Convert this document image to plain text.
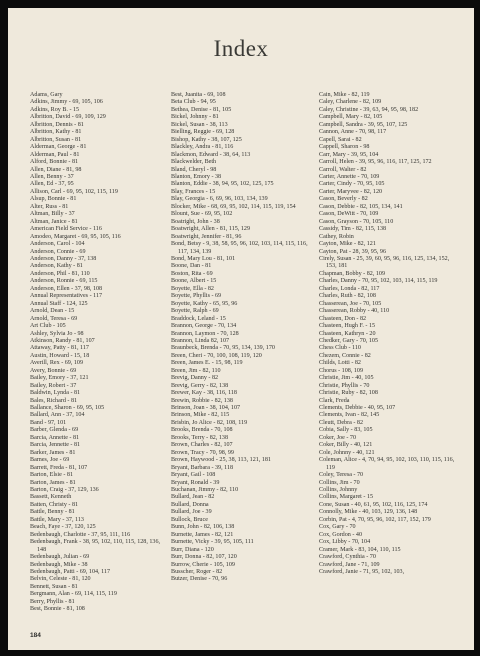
Index
Adams, Gary
Adkins, Jimmy - 69, 105, 106
Adkins, Roy B. - 15
Albritton, David - 69, 109, 129
Albritton, Dennis - 81
Albritton, Kathy - 81
Albritton, Susan - 81
Alderman, George - 81
Alderman, Paul - 81
Alford, Bonnie - 81
Allen, Diane - 81, 98
Allen, Benny - 37
Allen, Ed - 37, 95
Allison, Carl - 69, 95, 102, 115, 119
Alsup, Bonnie - 81
Alter, Russ - 81
Altman, Billy - 37
Altman, Janice - 81
American Field Service - 116
Amodeo, Margaret - 69, 95, 105, 116
Anderson, Carol - 104
Anderson, Connie - 69
Anderson, Danny - 37, 138
Anderson, Kathy - 81
Anderson, Phil - 81, 110
Anderson, Ronnie - 69, 115
Anderson, Ellen - 37, 98, 108
Annual Representatives - 117
Annual Staff - 124, 125
Arnold, Dean - 15
Arnold, Teresa - 69
Art Club - 105
Ashley, Sylvia Jo - 98
Atkinson, Randy - 81, 107
Attaway, Patty - 81, 117
Austin, Howard - 15, 18
Averill, Rex - 69, 109
Avery, Bonnie - 69
Bailey, Emory - 37, 121
Bailey, Robert - 37
Baldwin, Lynda - 81
Bales, Richard - 81
Ballance, Sharon - 69, 95, 105
Ballard, Ann - 37, 104
Band - 97, 101
Barber, Glenda - 69
Barcia, Annette - 81
Barcia, Jennette - 81
Barker, James - 81
Barnes, Joe - 69
Barrett, Freda - 81, 107
Barton, Elsie - 81
Barton, James - 81
Barton, Craig - 37, 129, 136
Bassett, Kenneth
Batten, Christy - 81
Battle, Benny - 81
Battle, Mary - 37, 113
Beach, Faye - 37, 120, 125
Bedenbaugh, Charlotte - 37, 95, 111, 116
Bedenbaugh, Frank - 38, 95, 102, 110, 115, 128, 136, 148
Bedenbaugh, Julian - 69
Bedenbaugh, Mike - 38
Bedenbaugh, Patti - 69, 104, 117
Belvin, Celeste - 81, 120
Bennett, Susan - 81
Bergmann, Alan - 69, 114, 115, 119
Berry, Phyllis - 81
Best, Bonnie - 81, 108
Best, Juanita - 69, 108
Beta Club - 94, 95
Bethea, Denise - 81, 105
Bickel, Johnny - 81
Bickel, Susan - 38, 113
Bielling, Reggie - 69, 128
Bishop, Kathy - 38, 107, 125
Blackley, Andra - 81, 116
Blackmon, Edward - 38, 64, 113
Blackwelder, Beth
Bland, Cheryl - 98
Blanton, Emory - 38
Blanton, Eddie - 38, 94, 95, 102, 125, 175
Blay, Frances - 15
Blay, Georgia - 6, 69, 96, 103, 134, 139
Blocker, Mike - 68, 69, 95, 102, 114, 115, 119, 154
Blount, Sue - 69, 95, 102
Boatright, John - 38
Boatwright, Allen - 81, 115, 129
Boatwright, Jennifer - 81, 96
Bond, Betsy - 9, 38, 58, 95, 96, 102, 103, 114, 115, 116, 117, 134, 139
Bond, Mary Lou - 81, 101
Boone, Dan - 81
Boston, Rita - 69
Boone, Albert - 15
Boyette, Ella - 82
Boyette, Phyllis - 69
Boyette, Kathy - 65, 95, 96
Boyette, Ralph - 69
Braddock, Leland - 15
Brannon, George - 70, 134
Brannon, Laymon - 70, 128
Brannon, Linda 82, 107
Braunbeck, Brenda - 70, 95, 134, 139, 170
Breen, Cheri - 70, 100, 108, 119, 120
Breen, James E. - 15, 98, 119
Breen, Jim - 82, 110
Brevig, Danny - 82
Brevig, Gerry - 82, 138
Brewer, Kay - 38, 116, 118
Brewin, Robbie - 82, 138
Brinson, Joan - 38, 104, 107
Brinson, Mike - 82, 115
Brisbin, Jo Alice - 82, 108, 119
Brooks, Brenda - 70, 108
Brooks, Terry - 82, 138
Brown, Charles - 82, 107
Brown, Tracy - 70, 98, 99
Brown, Haywood - 25, 38, 113, 121, 181
Bryant, Barbara - 39, 118
Bryant, Gail - 108
Bryant, Ronald - 39
Buchanan, Jimmy - 82, 110
Bullard, Jean - 82
Bullard, Donna
Bullard, Joe - 39
Bullock, Bruce
Bunn, John - 82, 106, 138
Burnette, James - 82, 121
Burnette, Vicky - 39, 95, 105, 111
Burr, Diana - 120
Burr, Donna - 82, 107, 120
Burrow, Cherie - 105, 109
Busscher, Roger - 82
Butzer, Denise - 70, 96
Cain, Mike - 82, 119
Caley, Charlene - 82, 109
Caley, Christine - 39, 63, 94, 95, 98, 182
Campbell, Mary - 82, 105
Campbell, Sandra - 39, 95, 107, 125
Cannon, Anne - 70, 98, 117
Capell, Sarai - 82
Cappell, Sharon - 98
Carr, Mary - 39, 95, 104
Carroll, Helen - 39, 95, 96, 116, 117, 125, 172
Carroll, Walter - 82
Carter, Annette - 70, 109
Carter, Cindy - 70, 95, 105
Carter, Maryvee - 82, 120
Cason, Beverly - 82
Cason, Debbie - 82, 105, 134, 141
Cason, DeWitt - 70, 109
Cason, Grayson - 70, 105, 110
Cassidy, Tim - 82, 115, 138
Cathey, Robin
Cayton, Mike - 82, 121
Cayton, Pat - 28, 39, 95, 96
Cirely, Susan - 25, 39, 60, 95, 96, 116, 125, 134, 152, 153, 181
Chapman, Bobby - 82, 109
Charles, Danny - 70, 95, 102, 103, 114, 115, 119
Charles, Londa - 82, 117
Charles, Ruth - 82, 108
Chasserean, Joe - 70, 105
Chasserean, Robby - 40, 110
Chasteen, Don - 82
Chasteen, Hugh F. - 15
Chasteen, Kathryn - 20
Chedker, Gary - 70, 105
Chess Club - 110
Chezem, Connie - 82
Childs, Lotti - 82
Chorus - 108, 109
Christie, Jim - 40, 105
Christie, Phyllis - 70
Christie, Ruby - 82, 108
Clark, Freda
Clements, Debbie - 40, 95, 107
Clements, Ivan - 82, 145
Cleutt, Debra - 82
Cobia, Sally - 83, 105
Coker, Joe - 70
Coker, Billy - 40, 121
Cole, Johnny - 40, 121
Coleman, Alice - 4, 70, 94, 95, 102, 103, 110, 115, 116, 119
Coley, Teresa - 70
Collins, Jim - 70
Collins, Johnny
Collins, Margaret - 15
Cone, Susan - 40, 61, 95, 102, 116, 125, 174
Connolly, Mike - 40, 103, 129, 136, 148
Corbin, Pat - 4, 70, 95, 96, 102, 117, 152, 179
Cox, Gary - 70
Cox, Gordon - 40
Cox, Libby - 70, 104
Cramer, Mark - 83, 104, 110, 115
Crawford, Cynthia - 70
Crawford, Jane - 71, 109
Crawford, Janie - 71, 95, 102, 103,
184
